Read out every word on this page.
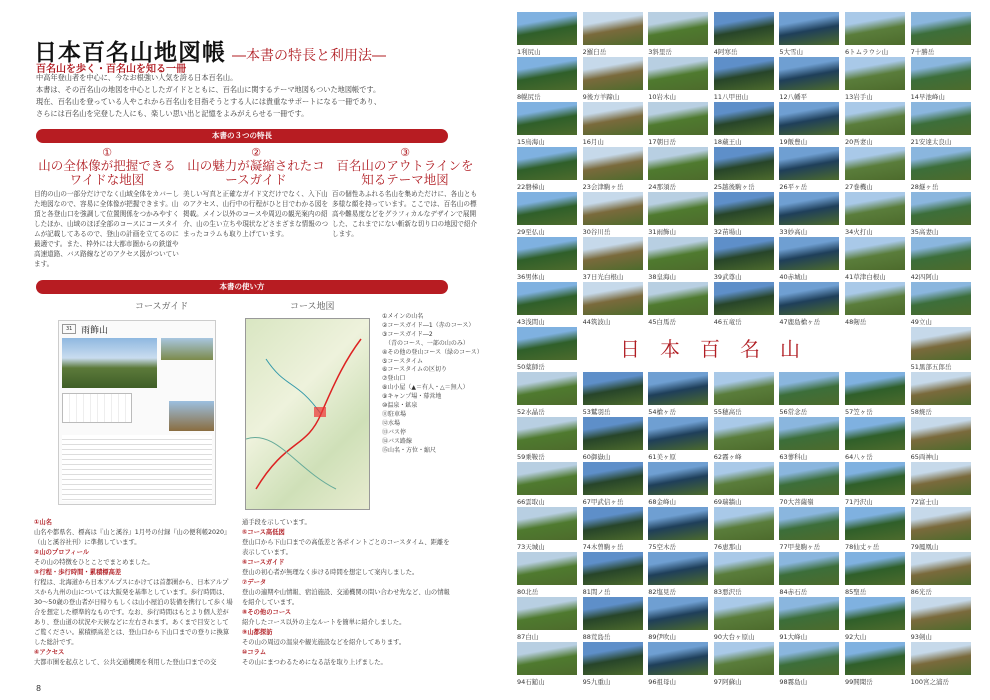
日本百名山地図帳 ―本書の特長と利用法―
百名山を歩く・百名山を知る一冊
中高年登山者を中心に、今なお根強い人気を誇る日本百名山。
本書は、その百名山の地図を中心としたガイドとともに、百名山に関するテーマ地図もついた地図帳です。
現在、百名山を登っている人やこれから百名山を目指そうとする人には貴重なサポートになる一冊であり、
さらには百名山を完登した人にも、楽しい思い出と記憶をよみがえらせる一冊です。
本書の３つの特長
①
山の全体像が把握できるワイドな地図
目的の山の一部分だけでなく山域全体をカバーした地図なので、容易に全体像が把握できます。山頂と各登山口を強調して位置関係をつかみやすくしたほか、山域のほぼ全部のコースにコースタイムが記載してあるので、登山の計画を立てるのに最適です。また、枠外には大都市圏からの鉄道や高速道路、バス路線などのアクセス図がついています。
②
山の魅力が凝縮されたコースガイド
美しい写真と正確なガイド文だけでなく、入下山のアクセス、山行中の行程がひと目でわかる図を掲載。メイン以外のコースや周辺の観光案内の紹介、山の生い立ちや現状などさまざまな情報のつまったコラムも取り上げています。
③
百名山のアウトラインを知るテーマ地図
百の個性あふれる名山を集めただけに、各山とも多様な顔を持っています。ここでは、百名山の標高や難易度などをグラフィカルなデザインで展開した、これまでにない斬新な切り口の地図で紹介します。
本書の使い方
コースガイド	コース地図
31 雨飾山
①メインの山名
②コースガイド―1（赤のコース）
③コースガイド―2
　（青のコース、一部の山のみ）
④その他の登山コース（緑のコース）
⑤コースタイム
⑥コースタイムの区切り
⑦登山口
⑧山小屋（▲＝有人・△＝無人）
⑨キャンプ場・幕営地
⑩温泉・鉱泉
⑪駐車場
⑫水場
⑬バス停
⑭バス路線
⑮山名・方位・縮尺
①山名
山名や都県名、標高は『山と溪谷』1月号の付録『山の便利帳2020』（山と溪谷社刊）に準拠しています。
②山のプロフィール
その山の特徴をひとことでまとめました。
③行程・歩行時間・累積標高差
行程は、北海道から日本アルプスにかけては首都圏から、日本アルプスから九州の山については大阪発を基準としています。歩行時間は、30～50歳の登山者が日帰りもしくは山小屋泊の装備を携行して歩く場合を想定した標準的なものです。なお、歩行時間はもとより個人差があり、登山道の状況や天候などに左右されます。あくまで目安としてご覧ください。累積標高差とは、登山口から下山口までの登りに換算した総計です。
④アクセス
大都市圏を起点として、公共交通機関を利用した登山口までの交
通手段を示しています。
⑤コース高低図
登山口から下山口までの高低差と各ポイントごとのコースタイム、距離を表示しています。
⑥コースガイド
登山の初心者が無理なく歩ける時間を想定して案内しました。
⑦データ
登山の適期や山情報、宿泊施設、交通機関の問い合わせ先など、山の情報を紹介しています。
⑧その他のコース
紹介したコース以外の主なルートを簡単に紹介しました。
⑨山都探訪
その山の周辺の温泉や観光施設などを紹介してあります。
⑩コラム
その山にまつわるためになる話を取り上げました。
8
1利尻山	2羅臼岳	3斜里岳	4阿寒岳	5大雪山	6トムラウシ山	7十勝岳
8幌尻岳	9後方羊蹄山	10岩木山	11八甲田山	12八幡平	13岩手山	14早池峰山
15鳥海山	16月山	17朝日岳	18蔵王山	19飯豊山	20吾妻山	21安達太良山
22磐梯山	23会津駒ヶ岳	24那須岳	25越後駒ヶ岳	26平ヶ岳	27巻機山	28燧ヶ岳
29至仏山	30谷川岳	31雨飾山	32苗場山	33妙高山	34火打山	35高妻山
36男体山	37日光白根山	38皇海山	39武尊山	40赤城山	41草津白根山	42四阿山
43浅間山	44筑波山	45白馬岳	46五竜岳	47鹿島槍ヶ岳	48剱岳	49立山
50薬師岳	51黒部五郎岳
52水晶岳	53鷲羽岳	54槍ヶ岳	55穂高岳	56常念岳	57笠ヶ岳	58焼岳
59乗鞍岳	60御嶽山	61美ヶ原	62霧ヶ峰	63蓼科山	64八ヶ岳	65両神山
66雲取山	67甲武信ヶ岳	68金峰山	69瑞牆山	70大菩薩嶺	71丹沢山	72富士山
73天城山	74木曽駒ヶ岳	75空木岳	76恵那山	77甲斐駒ヶ岳	78仙丈ヶ岳	79鳳凰山
80北岳	81間ノ岳	82塩見岳	83悪沢岳	84赤石岳	85聖岳	86光岳
87白山	88荒島岳	89伊吹山	90大台ヶ原山	91大峰山	92大山	93剣山
94石鎚山	95九重山	96祖母山	97阿蘇山	98霧島山	99開聞岳	100宮之浦岳
日本百名山
